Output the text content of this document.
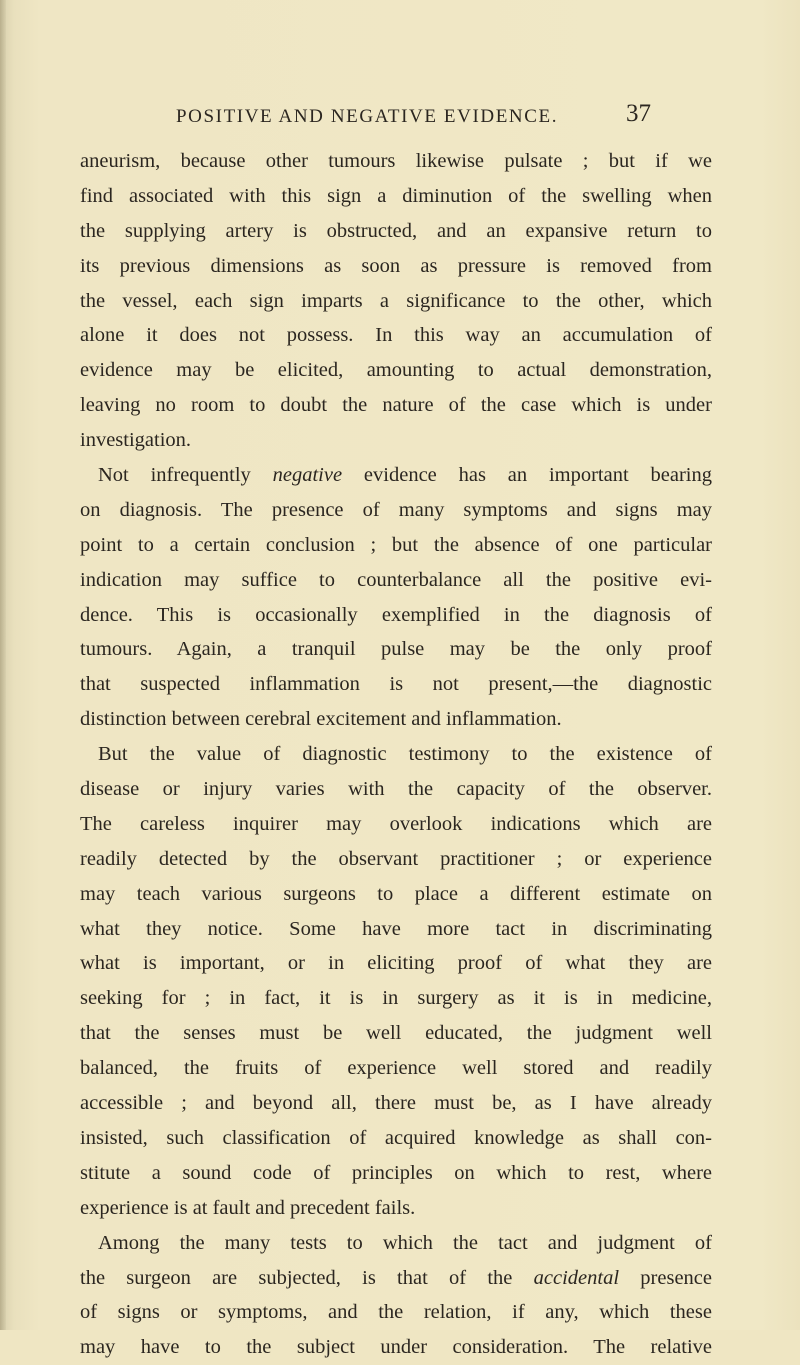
POSITIVE AND NEGATIVE EVIDENCE.	37
aneurism, because other tumours likewise pulsate ; but if we
find associated with this sign a diminution of the swelling when
the supplying artery is obstructed, and an expansive return to
its previous dimensions as soon as pressure is removed from
the vessel, each sign imparts a significance to the other, which
alone it does not possess. In this way an accumulation of
evidence may be elicited, amounting to actual demonstration,
leaving no room to doubt the nature of the case which is under
investigation.
Not infrequently negative evidence has an important bearing
on diagnosis. The presence of many symptoms and signs may
point to a certain conclusion ; but the absence of one particular
indication may suffice to counterbalance all the positive evi-
dence. This is occasionally exemplified in the diagnosis of
tumours. Again, a tranquil pulse may be the only proof
that suspected inflammation is not present,—the diagnostic
distinction between cerebral excitement and inflammation.
But the value of diagnostic testimony to the existence of
disease or injury varies with the capacity of the observer.
The careless inquirer may overlook indications which are
readily detected by the observant practitioner ; or experience
may teach various surgeons to place a different estimate on
what they notice. Some have more tact in discriminating
what is important, or in eliciting proof of what they are
seeking for ; in fact, it is in surgery as it is in medicine,
that the senses must be well educated, the judgment well
balanced, the fruits of experience well stored and readily
accessible ; and beyond all, there must be, as I have already
insisted, such classification of acquired knowledge as shall con-
stitute a sound code of principles on which to rest, where
experience is at fault and precedent fails.
Among the many tests to which the tact and judgment of
the surgeon are subjected, is that of the accidental presence
of signs or symptoms, and the relation, if any, which these
may have to the subject under consideration. The relative
